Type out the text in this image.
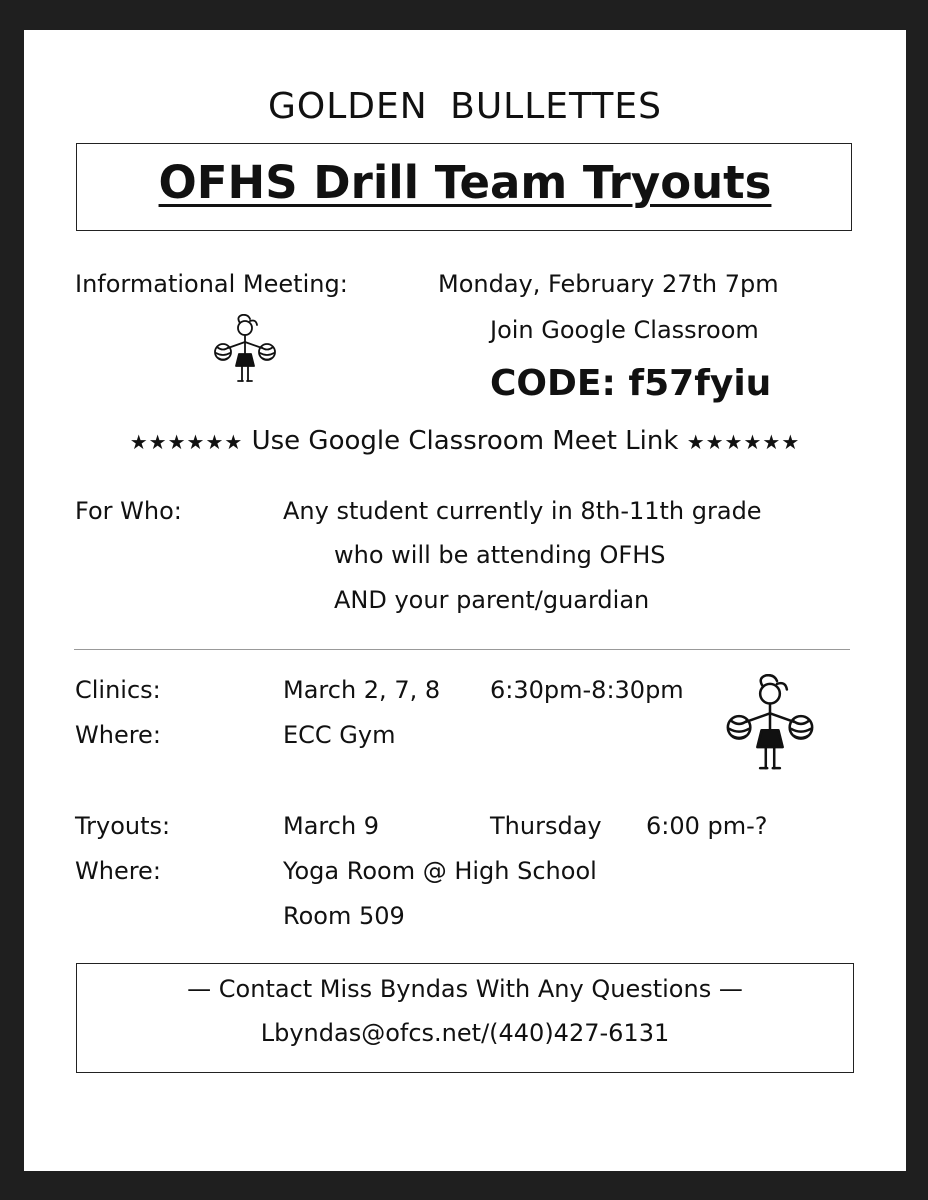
GOLDEN BULLETTES
OFHS Drill Team Tryouts
Informational Meeting:	Monday, February 27th 7pm
Join Google Classroom
CODE: f57fyiu
★★★★★★ Use Google Classroom Meet Link ★★★★★★
For Who:	Any student currently in 8th-11th grade
who will be attending OFHS
AND your parent/guardian
Clinics:	March 2, 7, 8 6:30pm-8:30pm
Where:	ECC Gym
Tryouts:	March 9	Thursday 6:00 pm-?
Where:	Yoga Room @ High School
Room 509
— Contact Miss Byndas With Any Questions —
Lbyndas@ofcs.net/(440)427-6131
